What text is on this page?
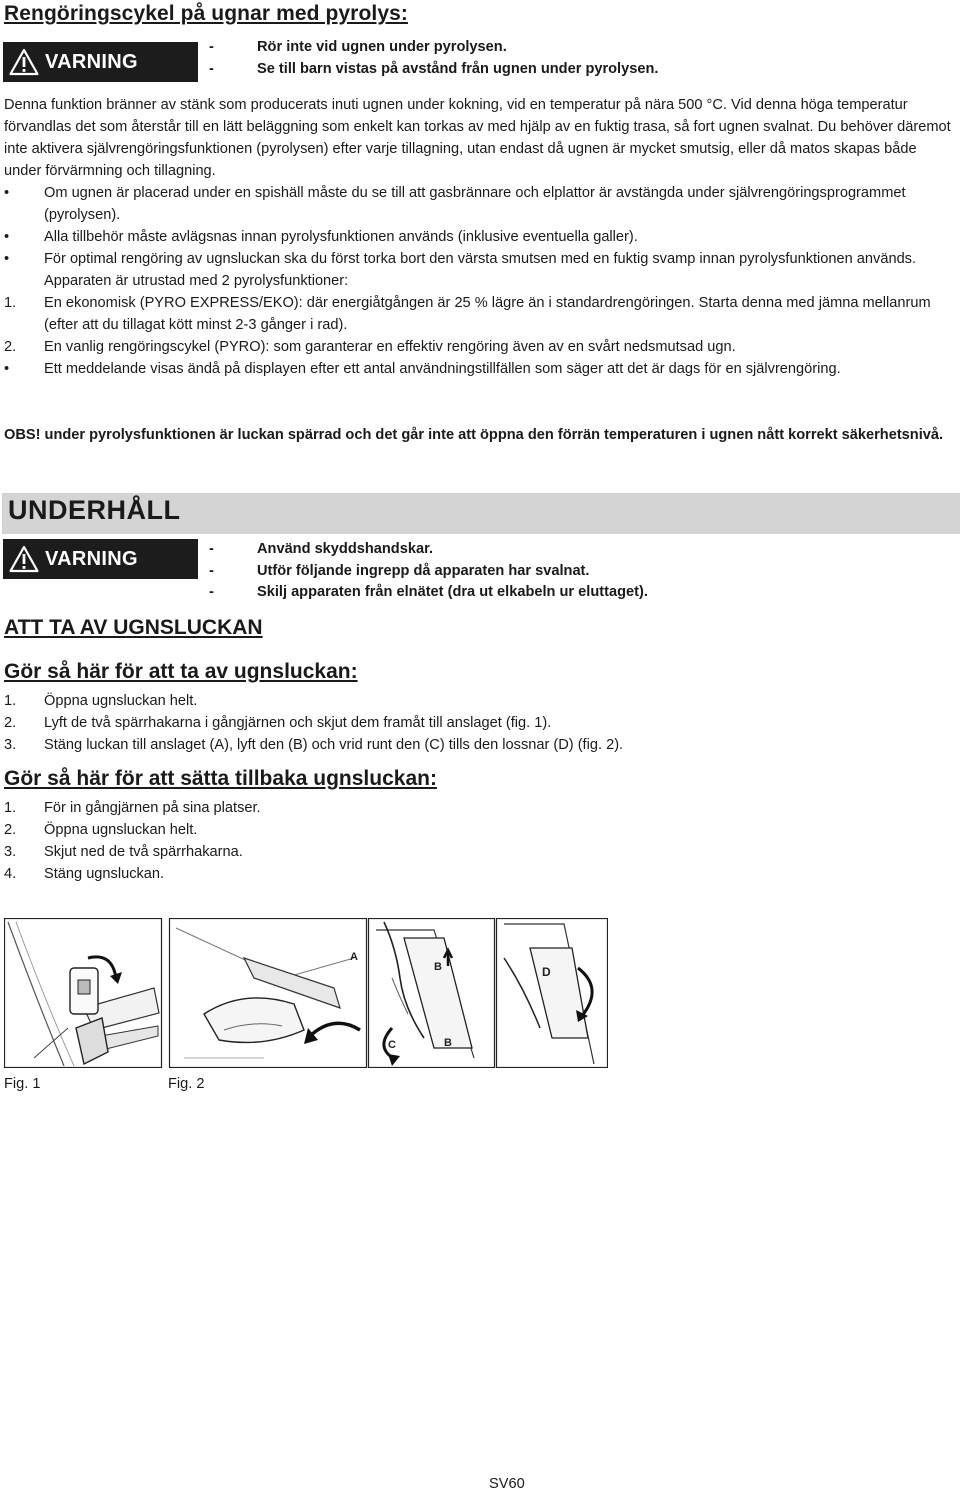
Rengöringscykel på ugnar med pyrolys:
VARNING
-	Rör inte vid ugnen under pyrolysen.
-	Se till barn vistas på avstånd från ugnen under pyrolysen.
Denna funktion bränner av stänk som producerats inuti ugnen under kokning, vid en temperatur på nära 500 °C. Vid denna höga temperatur förvandlas det som återstår till en lätt beläggning som enkelt kan torkas av med hjälp av en fuktig trasa, så fort ugnen svalnat. Du behöver däremot inte aktivera självrengöringsfunktionen (pyrolysen) efter varje tillagning, utan endast då ugnen är mycket smutsig, eller då matos skapas både under förvärmning och tillagning.
•	Om ugnen är placerad under en spishäll måste du se till att gasbrännare och elplattor är avstängda under självrengöringsprogrammet (pyrolysen).
•	Alla tillbehör måste avlägsnas innan pyrolysfunktionen används (inklusive eventuella galler).
•	För optimal rengöring av ugnsluckan ska du först torka bort den värsta smutsen med en fuktig svamp innan pyrolysfunktionen används.
Apparaten är utrustad med 2 pyrolysfunktioner:
1.	En ekonomisk (PYRO EXPRESS/EKO): där energiåtgången är 25 % lägre än i standardrengöringen. Starta denna med jämna mellanrum (efter att du tillagat kött minst 2-3 gånger i rad).
2.	En vanlig rengöringscykel (PYRO): som garanterar en effektiv rengöring även av en svårt nedsmutsad ugn.
•	Ett meddelande visas ändå på displayen efter ett antal användningstillfällen som säger att det är dags för en självrengöring.
OBS! under pyrolysfunktionen är luckan spärrad och det går inte att öppna den förrän temperaturen i ugnen nått korrekt säkerhetsnivå.
UNDERHÅLL
VARNING	-	Använd skyddshandskar.
-	Utför följande ingrepp då apparaten har svalnat.
-	Skilj apparaten från elnätet (dra ut elkabeln ur eluttaget).
ATT TA AV UGNSLUCKAN
Gör så här för att ta av ugnsluckan:
1.	Öppna ugnsluckan helt.
2.	Lyft de två spärrhakarna i gångjärnen och skjut dem framåt till anslaget (fig. 1).
3.	Stäng luckan till anslaget (A), lyft den (B) och vrid runt den (C) tills den lossnar (D) (fig. 2).
Gör så här för att sätta tillbaka ugnsluckan:
1.	För in gångjärnen på sina platser.
2.	Öppna ugnsluckan helt.
3.	Skjut ned de två spärrhakarna.
4.	Stäng ugnsluckan.
A
B
C	B
D
Fig. 1	Fig. 2
SV60
